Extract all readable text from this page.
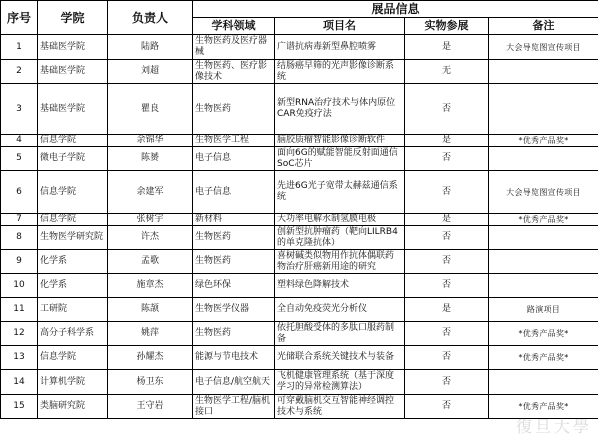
序号	学院	负责人	展品信息			
			学科领域	项目名	实物参展	备注
1	基础医学院	陆路	生物医药及医疗器械	广谱抗病毒新型鼻腔喷雾	是	大会导览图宣传项目
2	基础医学院	刘超	生物医药、医疗影像技术	结肠癌早筛的光声影像诊断系统	无	
3	基础医学院	瞿良	生物医药	新型RNA治疗技术与体内原位CAR免疫疗法	否	
4	信息学院	余锦华	生物医学工程	脑胶质瘤智能影像诊断软件	是	*优秀产品奖*
5	微电子学院	陈赟	电子信息	面向6G的赋能智能反射面通信SoC芯片	否	
6	信息学院	余建军	电子信息	先进6G光子宽带太赫兹通信系统	否	大会导览图宣传项目
7	信息学院	张树宇	新材料	大功率电解水制氢膜电极	是	*优秀产品奖*
8	生物医学研究院	许杰	生物医药	创新型抗肿瘤药（靶向LILRB4的单克隆抗体）	否	
9	化学系	孟歌	生物医药	喜树碱类似物用作抗体偶联药物治疗肝癌新用途的研究	否	
10	化学系	施章杰	绿色环保	塑料绿色降解技术	否	
11	工研院	陈颉	生物医学仪器	全自动免疫荧光分析仪	是	路演项目
12	高分子科学系	姚萍	生物医药	依托胆酸受体的多肽口服药制备	否	*优秀产品奖*
13	信息学院	孙耀杰	能源与节电技术	光储联合系统关键技术与装备	否	*优秀产品奖*
14	计算机学院	杨卫东	电子信息/航空航天	飞机健康管理系统（基于深度学习的异常检测算法）	否	
15	类脑研究院	王守岩	生物医学工程/脑机接口	可穿戴脑机交互智能神经调控技术与系统	否	*优秀产品奖*
復旦大學
